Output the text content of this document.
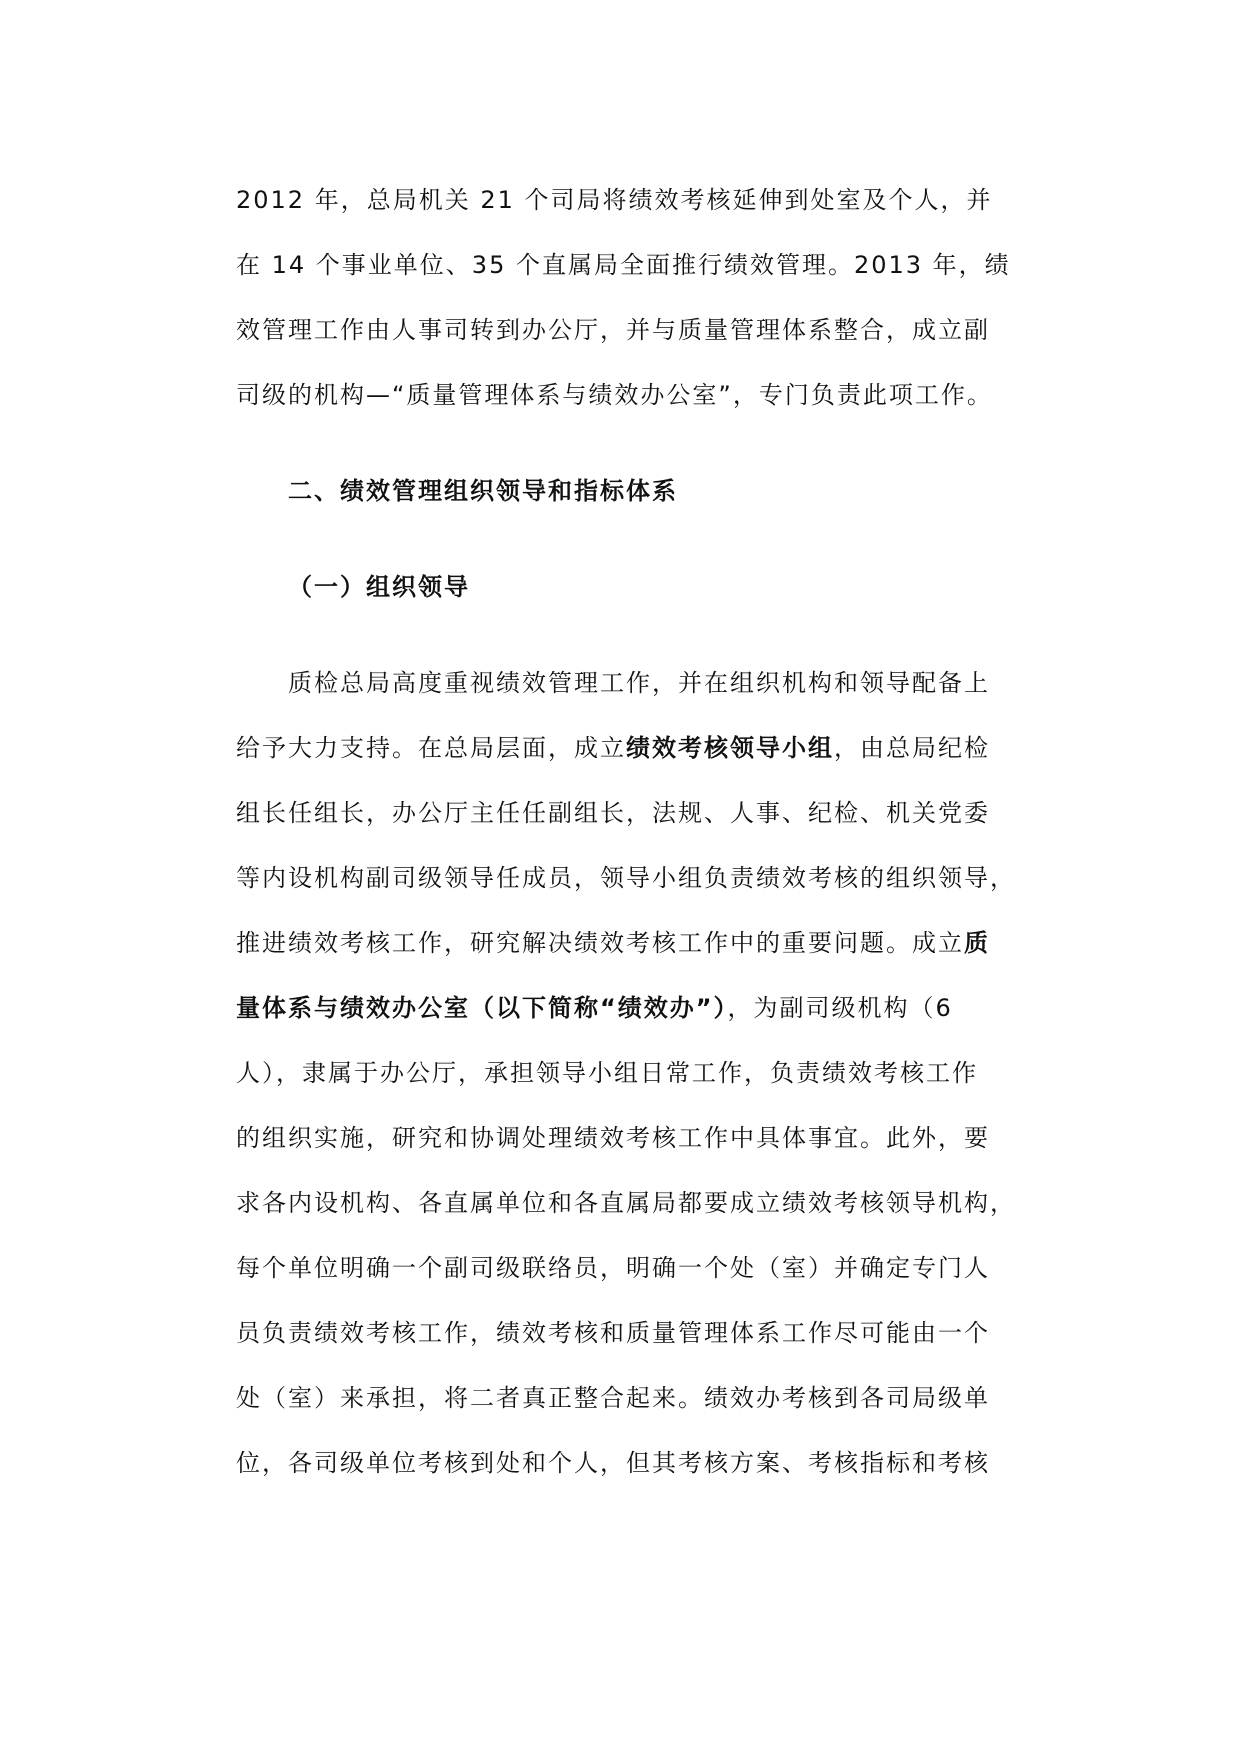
2012 年，总局机关 21 个司局将绩效考核延伸到处室及个人，并
在 14 个事业单位、35 个直属局全面推行绩效管理。2013 年，绩
效管理工作由人事司转到办公厅，并与质量管理体系整合，成立副
司级的机构—“质量管理体系与绩效办公室”，专门负责此项工作。
二、绩效管理组织领导和指标体系
（一）组织领导
质检总局高度重视绩效管理工作，并在组织机构和领导配备上
给予大力支持。在总局层面，成立绩效考核领导小组，由总局纪检
组长任组长，办公厅主任任副组长，法规、人事、纪检、机关党委
等内设机构副司级领导任成员，领导小组负责绩效考核的组织领导，
推进绩效考核工作，研究解决绩效考核工作中的重要问题。成立质
量体系与绩效办公室（以下简称“绩效办”），为副司级机构（6
人），隶属于办公厅，承担领导小组日常工作，负责绩效考核工作
的组织实施，研究和协调处理绩效考核工作中具体事宜。此外，要
求各内设机构、各直属单位和各直属局都要成立绩效考核领导机构，
每个单位明确一个副司级联络员，明确一个处（室）并确定专门人
员负责绩效考核工作，绩效考核和质量管理体系工作尽可能由一个
处（室）来承担，将二者真正整合起来。绩效办考核到各司局级单
位，各司级单位考核到处和个人，但其考核方案、考核指标和考核
